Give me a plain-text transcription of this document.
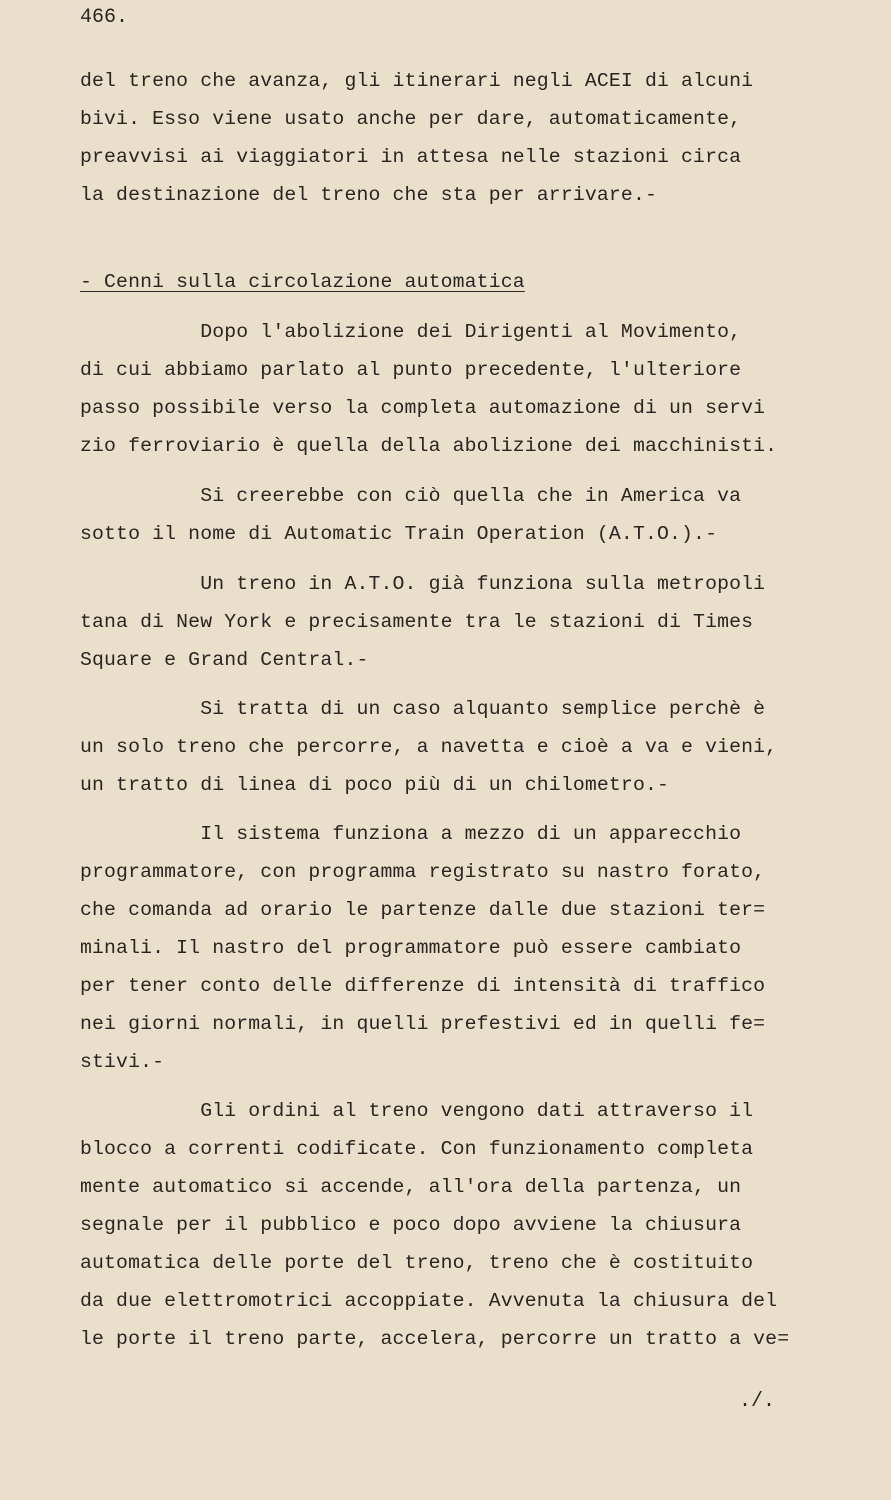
466.

del treno che avanza, gli itinerari negli ACEI di alcuni

bivi. Esso viene usato anche per dare, automaticamente,

preavvisi ai viaggiatori in attesa nelle stazioni circa

la destinazione del treno che sta per arrivare.-

- Cenni sulla circolazione automatica

Dopo l'abolizione dei Dirigenti al Movimento,

di cui abbiamo parlato al punto precedente, l'ulteriore

passo possibile verso la completa automazione di un servi

zio ferroviario è quella della abolizione dei macchinisti.

Si creerebbe con ciò quella che in America va

sotto il nome di Automatic Train Operation (A.T.O.).-

Un treno in A.T.O. già funziona sulla metropoli

tana di New York e precisamente tra le stazioni di Times

Square e Grand Central.-

Si tratta di un caso alquanto semplice perchè è

un solo treno che percorre, a navetta e cioè a va e vieni,

un tratto di linea di poco più di un chilometro.-

Il sistema funziona a mezzo di un apparecchio

programmatore, con programma registrato su nastro forato,

che comanda ad orario le partenze dalle due stazioni ter=

minali. Il nastro del programmatore può essere cambiato

per tener conto delle differenze di intensità di traffico

nei giorni normali, in quelli prefestivi ed in quelli fe=

stivi.-

Gli ordini al treno vengono dati attraverso il

blocco a correnti codificate. Con funzionamento completa

mente automatico si accende, all'ora della partenza, un

segnale per il pubblico e poco dopo avviene la chiusura

automatica delle porte del treno, treno che è costituito

da due elettromotrici accoppiate. Avvenuta la chiusura del

le porte il treno parte, accelera, percorre un tratto a ve=

./.
